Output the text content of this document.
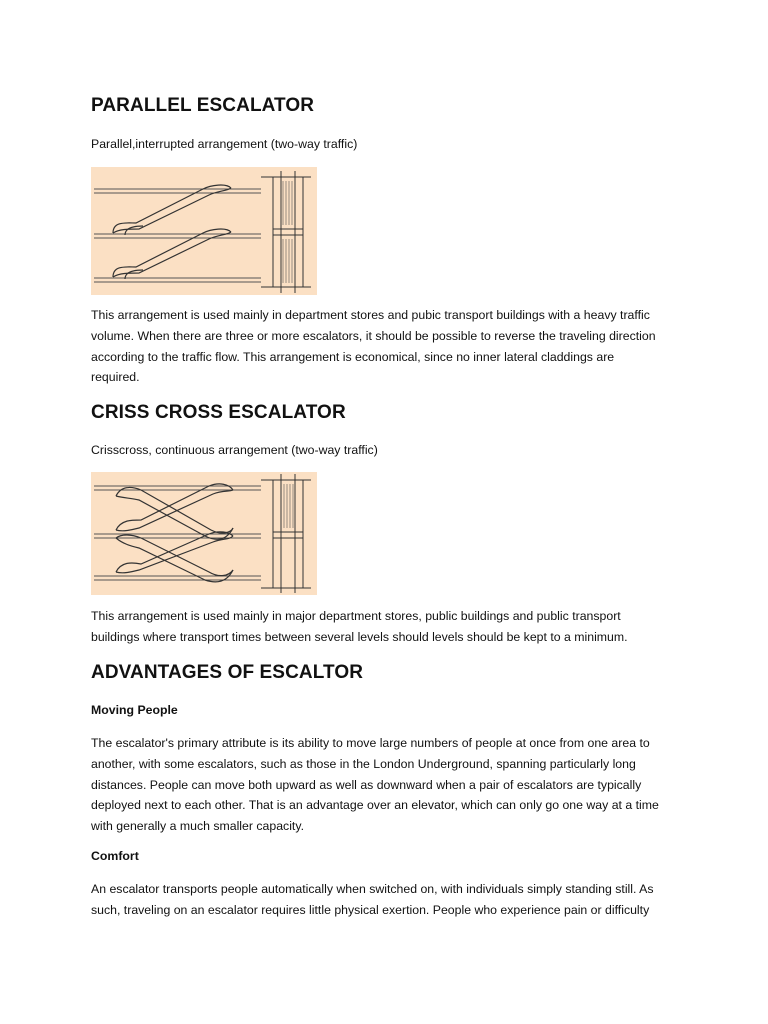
PARALLEL ESCALATOR

Parallel,interrupted arrangement (two-way traffic)

This arrangement is used mainly in department stores and pubic transport buildings with a heavy traffic

volume. When there are three or more escalators, it should be possible to reverse the traveling direction

according to the traffic flow. This arrangement is economical, since no inner lateral claddings are

required.

CRISS CROSS ESCALATOR

Crisscross, continuous arrangement (two-way traffic)

This arrangement is used mainly in major department stores, public buildings and public transport

buildings where transport times between several levels should levels should be kept to a minimum.

ADVANTAGES OF ESCALTOR

Moving People

The escalator's primary attribute is its ability to move large numbers of people at once from one area to

another, with some escalators, such as those in the London Underground, spanning particularly long

distances. People can move both upward as well as downward when a pair of escalators are typically

deployed next to each other. That is an advantage over an elevator, which can only go one way at a time

with generally a much smaller capacity.

Comfort

An escalator transports people automatically when switched on, with individuals simply standing still. As

such, traveling on an escalator requires little physical exertion. People who experience pain or difficulty
